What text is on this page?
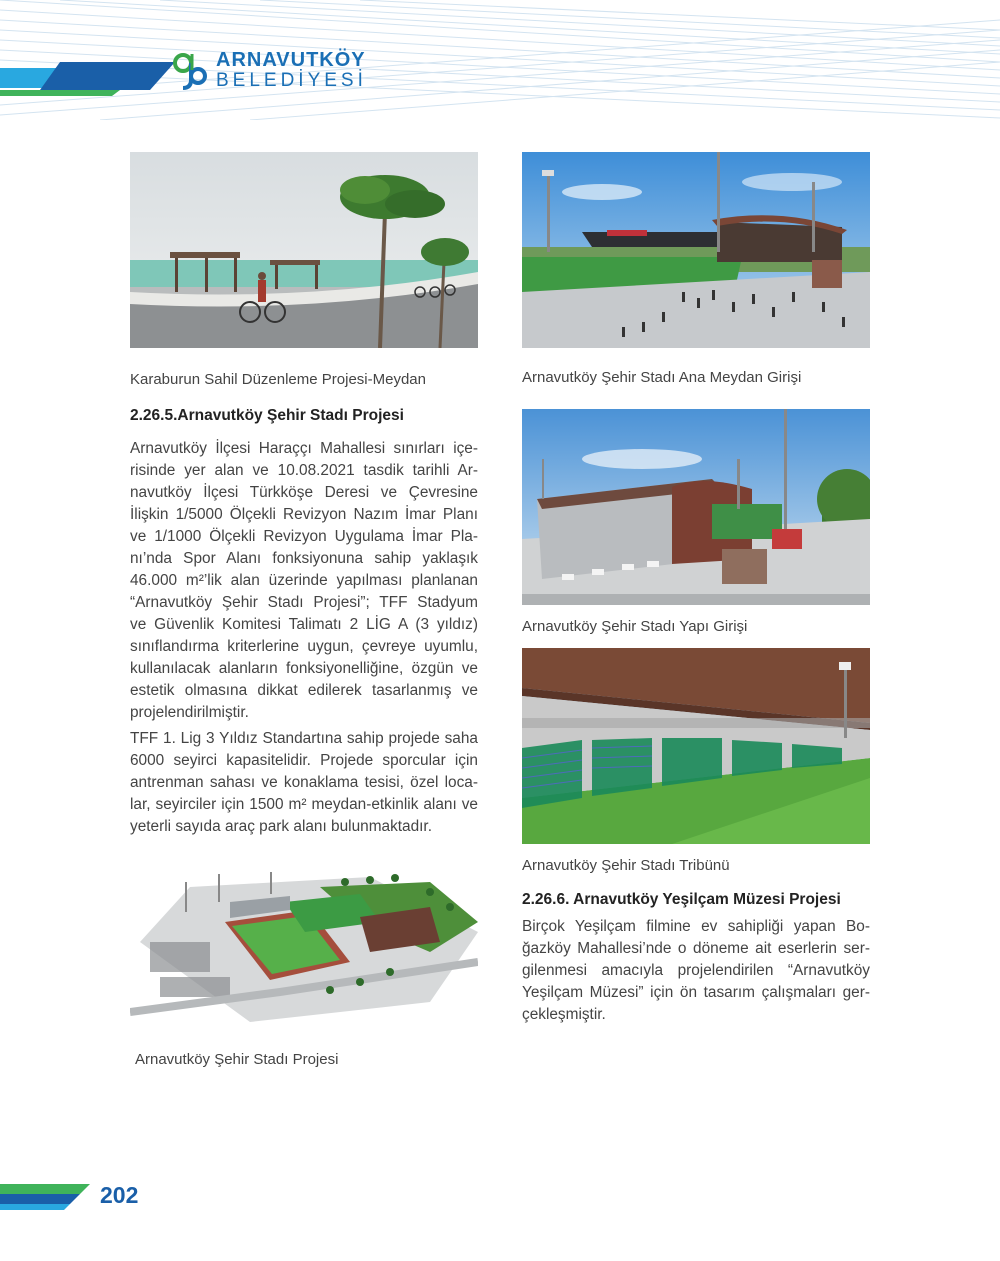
ARNAVUTKÖY
BELEDİYESİ
Karaburun Sahil Düzenleme Projesi-Meydan	Arnavutköy Şehir Stadı Ana Meydan Girişi
2.26.5.Arnavutköy Şehir Stadı Projesi
Arnavutköy İlçesi Haraççı Mahallesi sınırları içe-
risinde yer alan ve 10.08.2021 tasdik tarihli Ar-
navutköy İlçesi Türkköşe Deresi ve Çevresine
İlişkin 1/5000 Ölçekli Revizyon Nazım İmar Planı
ve 1/1000 Ölçekli Revizyon Uygulama İmar Pla-
nı’nda Spor Alanı fonksiyonuna sahip yaklaşık
46.000 m²’lik alan üzerinde yapılması planlanan
“Arnavutköy Şehir Stadı Projesi”; TFF Stadyum
ve Güvenlik Komitesi Talimatı 2 LİG A (3 yıldız)
sınıflandırma kriterlerine uygun, çevreye uyumlu,
kullanılacak alanların fonksiyonelliğine, özgün ve
estetik olmasına dikkat edilerek tasarlanmış ve
projelendirilmiştir.
TFF 1. Lig 3 Yıldız Standartına sahip projede saha
6000 seyirci kapasitelidir. Projede sporcular için
antrenman sahası ve konaklama tesisi, özel loca-
lar, seyirciler için 1500 m² meydan-etkinlik alanı ve
yeterli sayıda araç park alanı bulunmaktadır.
Arnavutköy Şehir Stadı Yapı Girişi
Arnavutköy Şehir Stadı Tribünü
2.26.6. Arnavutköy Yeşilçam Müzesi Projesi
Birçok Yeşilçam filmine ev sahipliği yapan Bo-
ğazköy Mahallesi’nde o döneme ait eserlerin ser-
gilenmesi amacıyla projelendirilen “Arnavutköy
Yeşilçam Müzesi” için ön tasarım çalışmaları ger-
çekleşmiştir.
Arnavutköy Şehir Stadı Projesi
202
